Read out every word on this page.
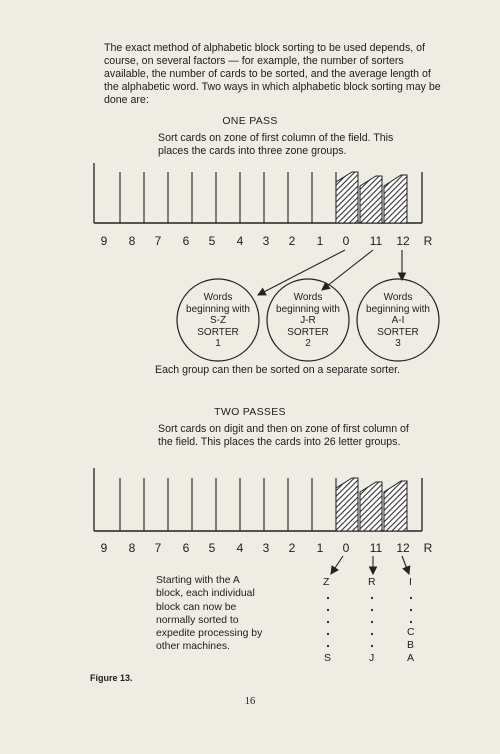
The exact method of alphabetic block sorting to be used depends, of course, on several factors — for example, the number of sorters available, the number of cards to be sorted, and the average length of the alphabetic word. Two ways in which alphabetic block sorting may be done are:
ONE PASS
Sort cards on zone of first column of the field. This places the cards into three zone groups.
9 8 7 6 5 4 3 2 1 0 11 12 R
9 8 7 6 5 4 3 2 1 0 11 12 R
Words
beginning with
S-Z
SORTER
1
Words
beginning with
J-R
SORTER
2
Words
beginning with
A-I
SORTER
3
Each group can then be sorted on a separate sorter.
TWO PASSES
Sort cards on digit and then on zone of first column of the field. This places the cards into 26 letter groups.
Starting with the A block, each individual block can now be normally sorted to expedite processing by other machines.
Z
S
R
J
I
C
B
A
Figure 13.
16
